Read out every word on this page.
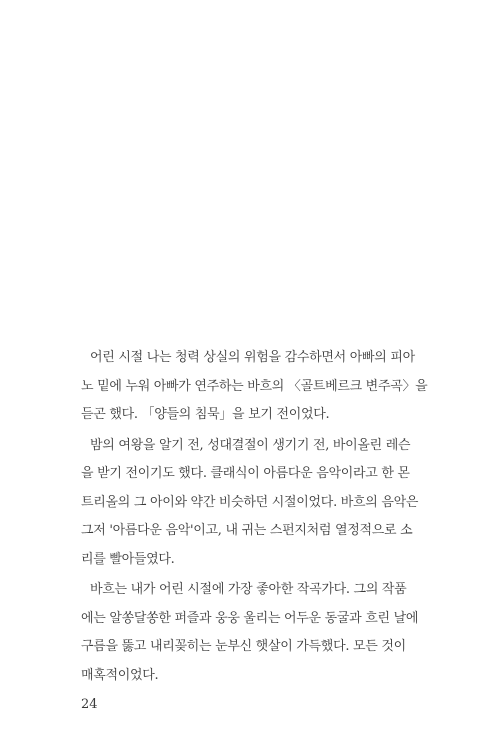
어린 시절 나는 청력 상실의 위험을 감수하면서 아빠의 피아
노 밑에 누워 아빠가 연주하는 바흐의 〈골트베르크 변주곡〉을
듣곤 했다. 「양들의 침묵」을 보기 전이었다.
밤의 여왕을 알기 전, 성대결절이 생기기 전, 바이올린 레슨
을 받기 전이기도 했다. 클래식이 아름다운 음악이라고 한 몬
트리올의 그 아이와 약간 비슷하던 시절이었다. 바흐의 음악은
그저 '아름다운 음악'이고, 내 귀는 스펀지처럼 열정적으로 소
리를 빨아들였다.
바흐는 내가 어린 시절에 가장 좋아한 작곡가다. 그의 작품
에는 알쏭달쏭한 퍼즐과 웅웅 울리는 어두운 동굴과 흐린 날에
구름을 뚫고 내리꽂히는 눈부신 햇살이 가득했다. 모든 것이
매혹적이었다.
24
